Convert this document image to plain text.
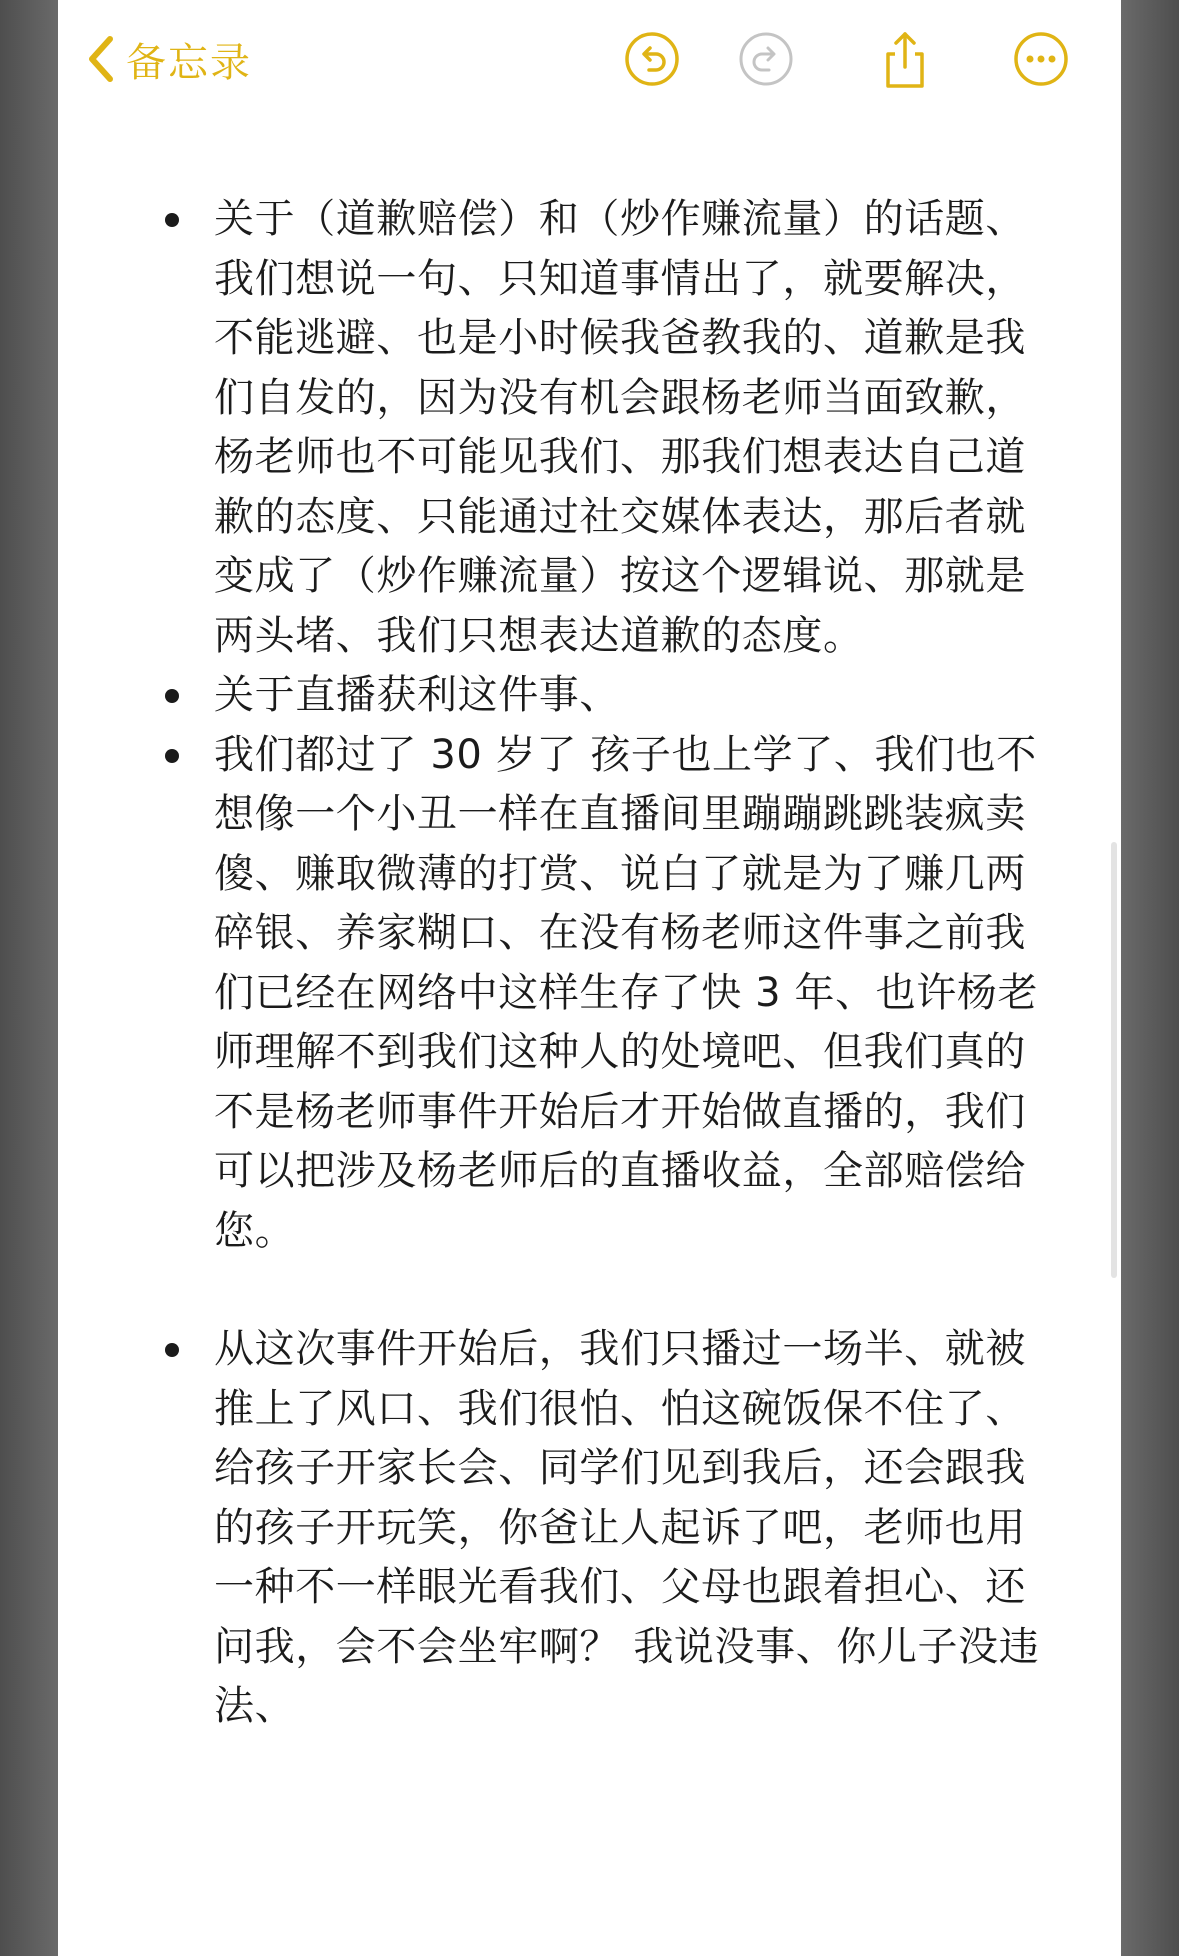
备忘录
关于（道歉赔偿）和（炒作赚流量）的话题、我们想说一句、只知道事情出了，就要解决，不能逃避、也是小时候我爸教我的、道歉是我们自发的，因为没有机会跟杨老师当面致歉，杨老师也不可能见我们、那我们想表达自己道歉的态度、只能通过社交媒体表达，那后者就变成了（炒作赚流量）按这个逻辑说、那就是两头堵、我们只想表达道歉的态度。
关于直播获利这件事、
我们都过了 30 岁了 孩子也上学了、我们也不想像一个小丑一样在直播间里蹦蹦跳跳装疯卖傻、赚取微薄的打赏、说白了就是为了赚几两碎银、养家糊口、在没有杨老师这件事之前我们已经在网络中这样生存了快 3 年、也许杨老师理解不到我们这种人的处境吧、但我们真的不是杨老师事件开始后才开始做直播的，我们可以把涉及杨老师后的直播收益，全部赔偿给您。
从这次事件开始后，我们只播过一场半、就被推上了风口、我们很怕、怕这碗饭保不住了、给孩子开家长会、同学们见到我后，还会跟我的孩子开玩笑，你爸让人起诉了吧，老师也用一种不一样眼光看我们、父母也跟着担心、还问我，会不会坐牢啊？ 我说没事、你儿子没违法、
